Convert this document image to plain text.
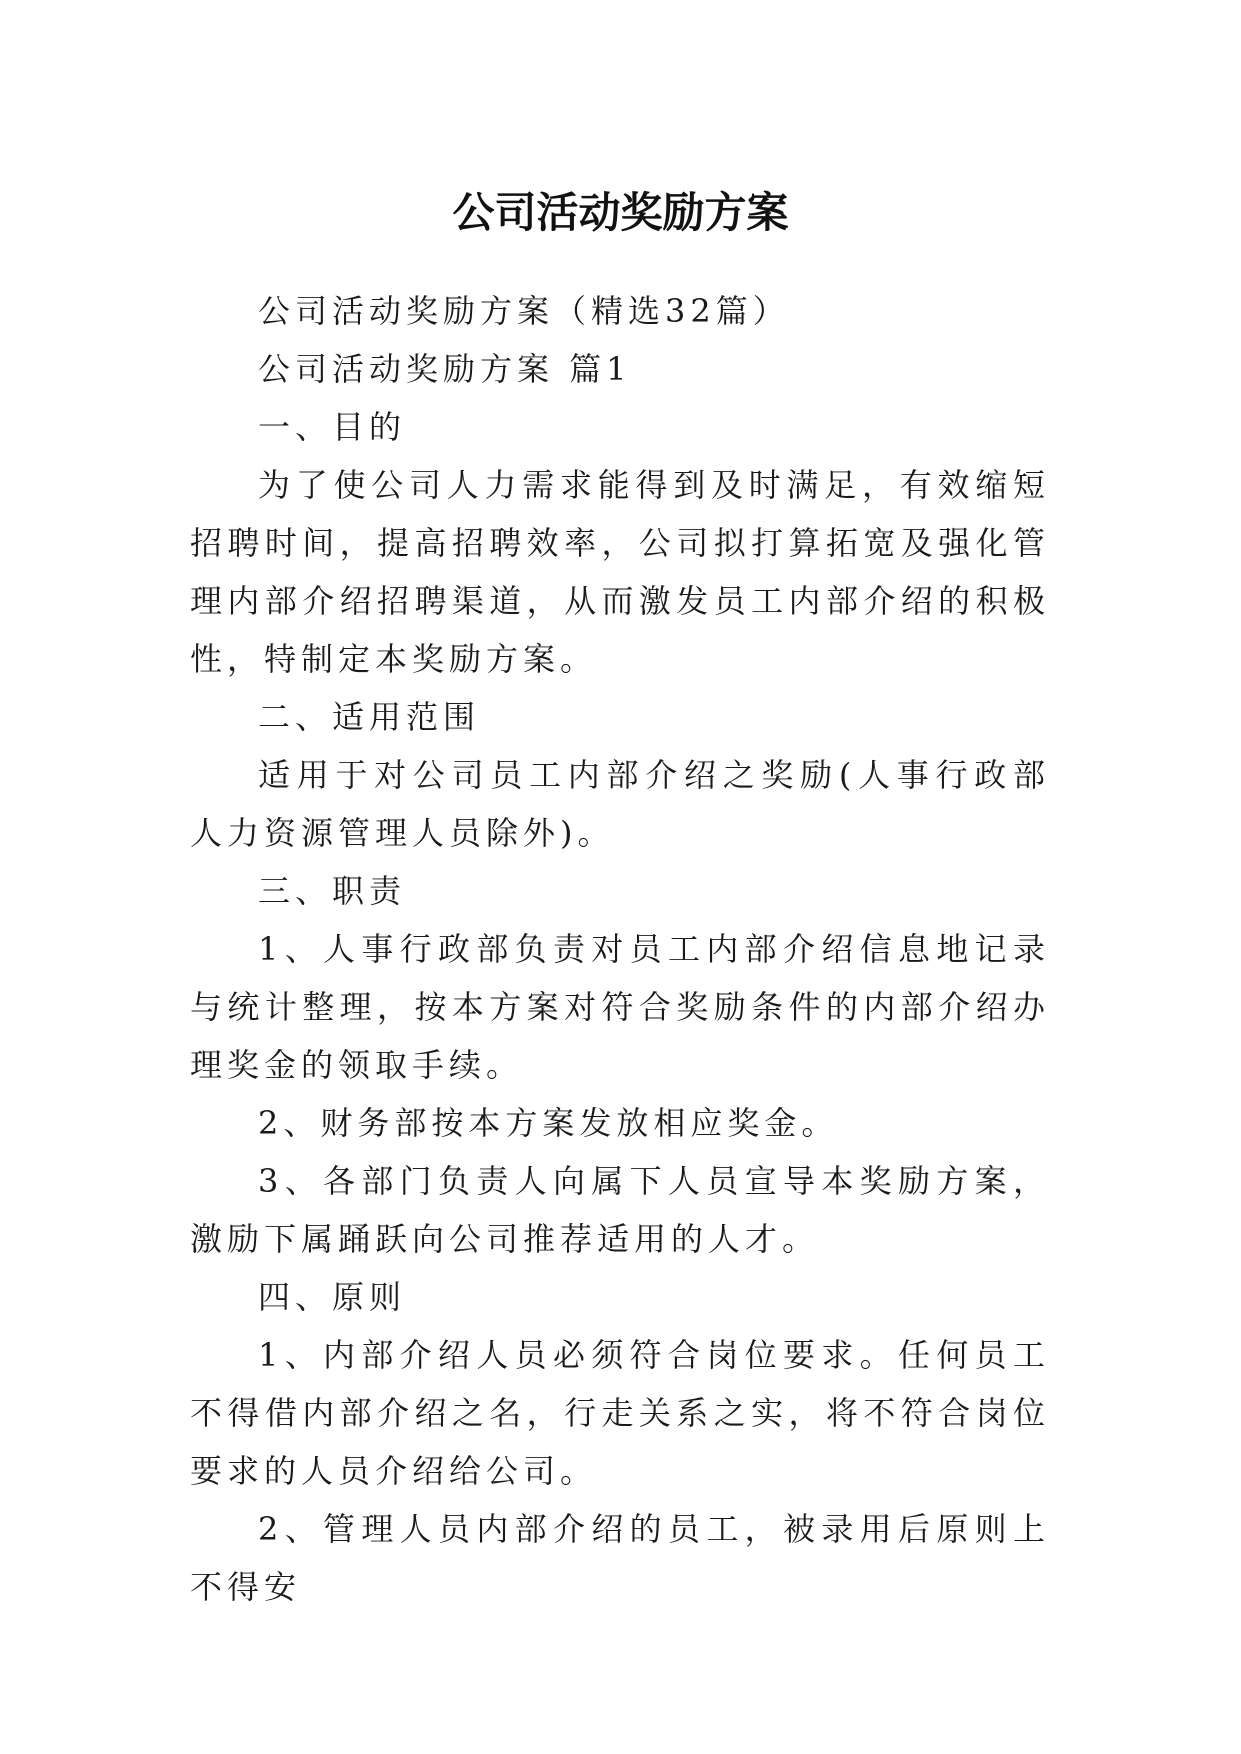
公司活动奖励方案

公司活动奖励方案（精选32篇）

公司活动奖励方案 篇1

一、目的

为了使公司人力需求能得到及时满足，有效缩短招聘时间，提高招聘效率，公司拟打算拓宽及强化管理内部介绍招聘渠道，从而激发员工内部介绍的积极性，特制定本奖励方案。

二、适用范围

适用于对公司员工内部介绍之奖励(人事行政部人力资源管理人员除外)。

三、职责

1、人事行政部负责对员工内部介绍信息地记录与统计整理，按本方案对符合奖励条件的内部介绍办理奖金的领取手续。

2、财务部按本方案发放相应奖金。

3、各部门负责人向属下人员宣导本奖励方案，激励下属踊跃向公司推荐适用的人才。

四、原则

1、内部介绍人员必须符合岗位要求。任何员工不得借内部介绍之名，行走关系之实，将不符合岗位要求的人员介绍给公司。

2、管理人员内部介绍的员工，被录用后原则上不得安
